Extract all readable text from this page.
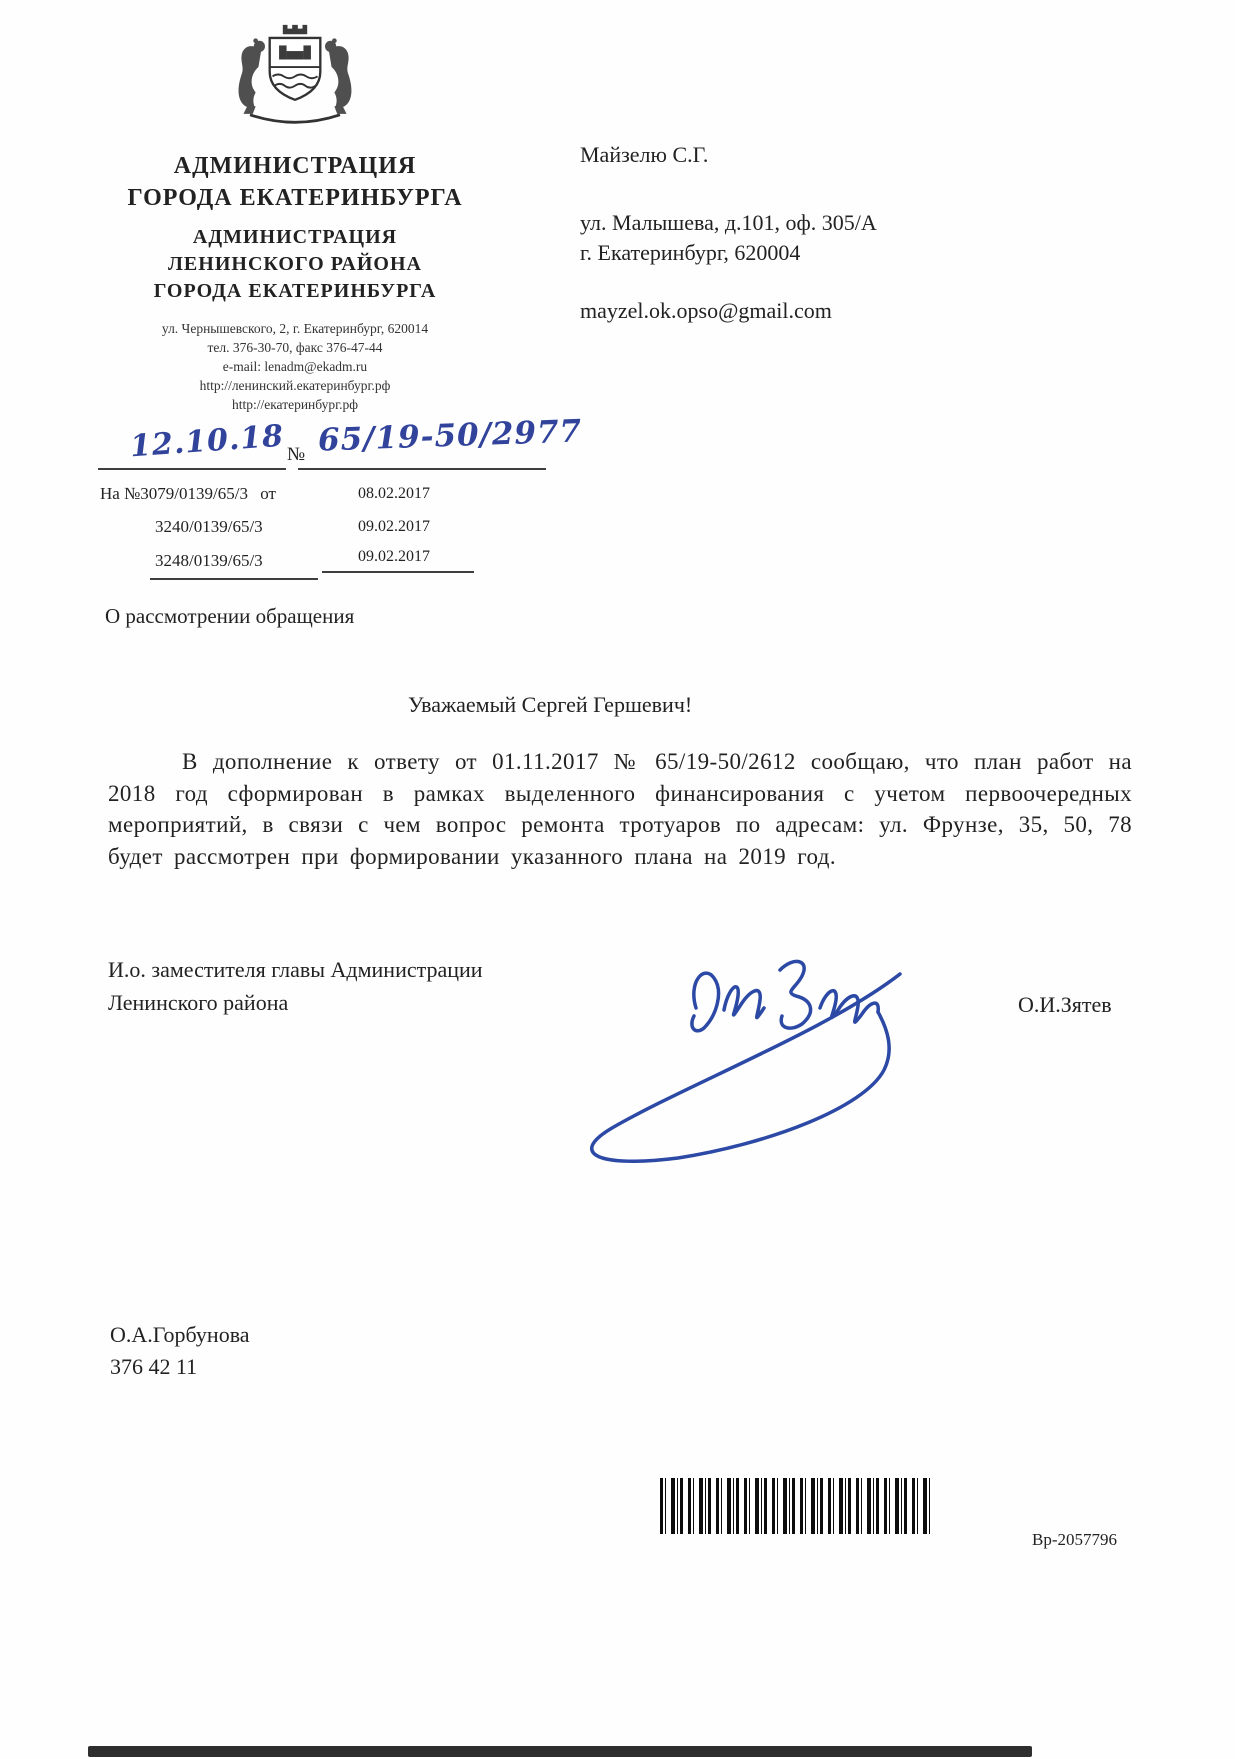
АДМИНИСТРАЦИЯ
ГОРОДА ЕКАТЕРИНБУРГА
АДМИНИСТРАЦИЯ
ЛЕНИНСКОГО РАЙОНА
ГОРОДА ЕКАТЕРИНБУРГА
ул. Чернышевского, 2, г. Екатеринбург, 620014
тел. 376-30-70, факс 376-47-44
e-mail: lenadm@ekadm.ru
http://ленинский.екатеринбург.рф
http://екатеринбург.рф
Майзелю С.Г.
ул. Малышева, д.101, оф. 305/А
г. Екатеринбург, 620004
mayzel.ok.opso@gmail.com
12.10.18 № 65/19-50/2977
На №3079/0139/65/3 от	08.02.2017
3240/0139/65/3	09.02.2017
3248/0139/65/3	09.02.2017
О рассмотрении обращения
Уважаемый Сергей Гершевич!
В дополнение к ответу от 01.11.2017 № 65/19-50/2612 сообщаю, что план работ на 2018 год сформирован в рамках выделенного финансирования с учетом первоочередных мероприятий, в связи с чем вопрос ремонта тротуаров по адресам: ул. Фрунзе, 35, 50, 78 будет рассмотрен при формировании указанного плана на 2019 год.
И.о. заместителя главы Администрации
Ленинского района	О.И.Зятев
О.А.Горбунова
376 42 11
Вр-2057796
